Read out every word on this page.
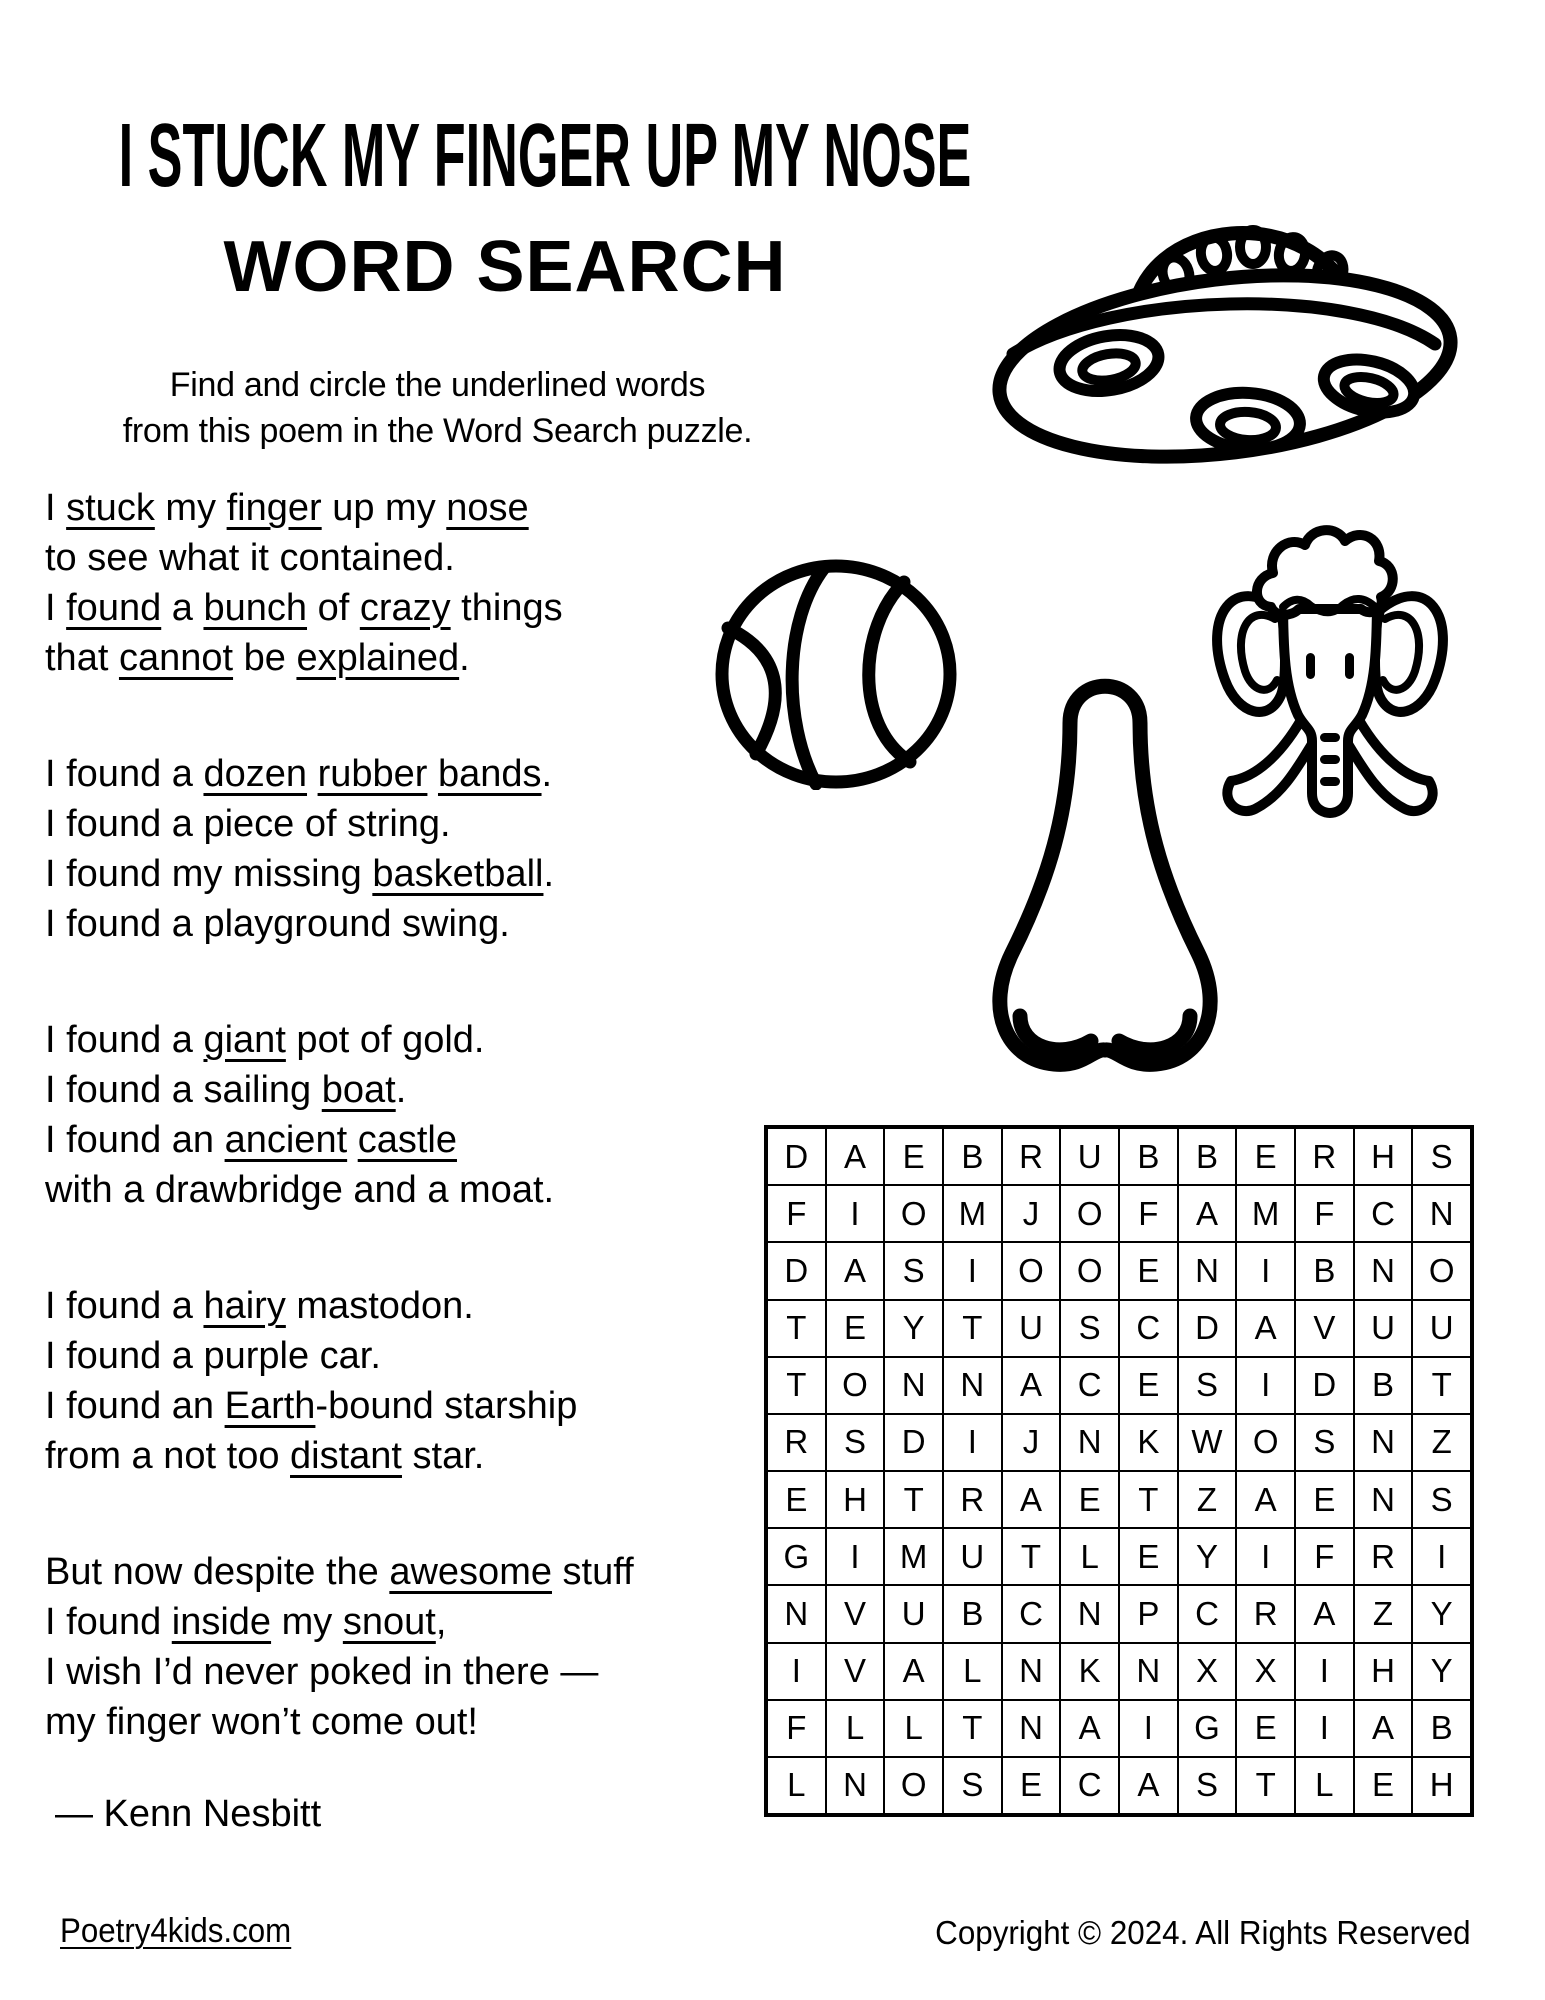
I STUCK MY FINGER UP MY NOSE
WORD SEARCH
Find and circle the underlined words
from this poem in the Word Search puzzle.
I stuck my finger up my nose
to see what it contained.
I found a bunch of crazy things
that cannot be explained.
I found a dozen rubber bands.
I found a piece of string.
I found my missing basketball.
I found a playground swing.
I found a giant pot of gold.
I found a sailing boat.
I found an ancient castle
with a drawbridge and a moat.
I found a hairy mastodon.
I found a purple car.
I found an Earth-bound starship
from a not too distant star.
But now despite the awesome stuff
I found inside my snout,
I wish I’d never poked in there —
my finger won’t come out!
— Kenn Nesbitt
D	A	E	B	R	U	B	B	E	R	H	S
F	I	O M	J	O	F	A	M	F	C	N
D	A	S	I	O	O	E	N	I	B	N	O
T	E	Y	T	U	S	C	D	A	V	U	U
T	O	N	N	A	C	E	S	I	D	B	T
R	S	D	I	J	N	K W O	S	N	Z
E	H	T	R	A	E	T	Z	A	E	N	S
G	I	M	U	T	L	E	Y	I	F	R	I
N	V	U	B	C	N	P	C	R	A	Z	Y
I	V	A	L	N	K	N	X	X	I	H	Y
F	L	L	T	N	A	I	G	E	I	A	B
L	N	O	S	E	C	A	S	T	L	E	H
Poetry4kids.com	Copyright © 2024. All Rights Reserved
